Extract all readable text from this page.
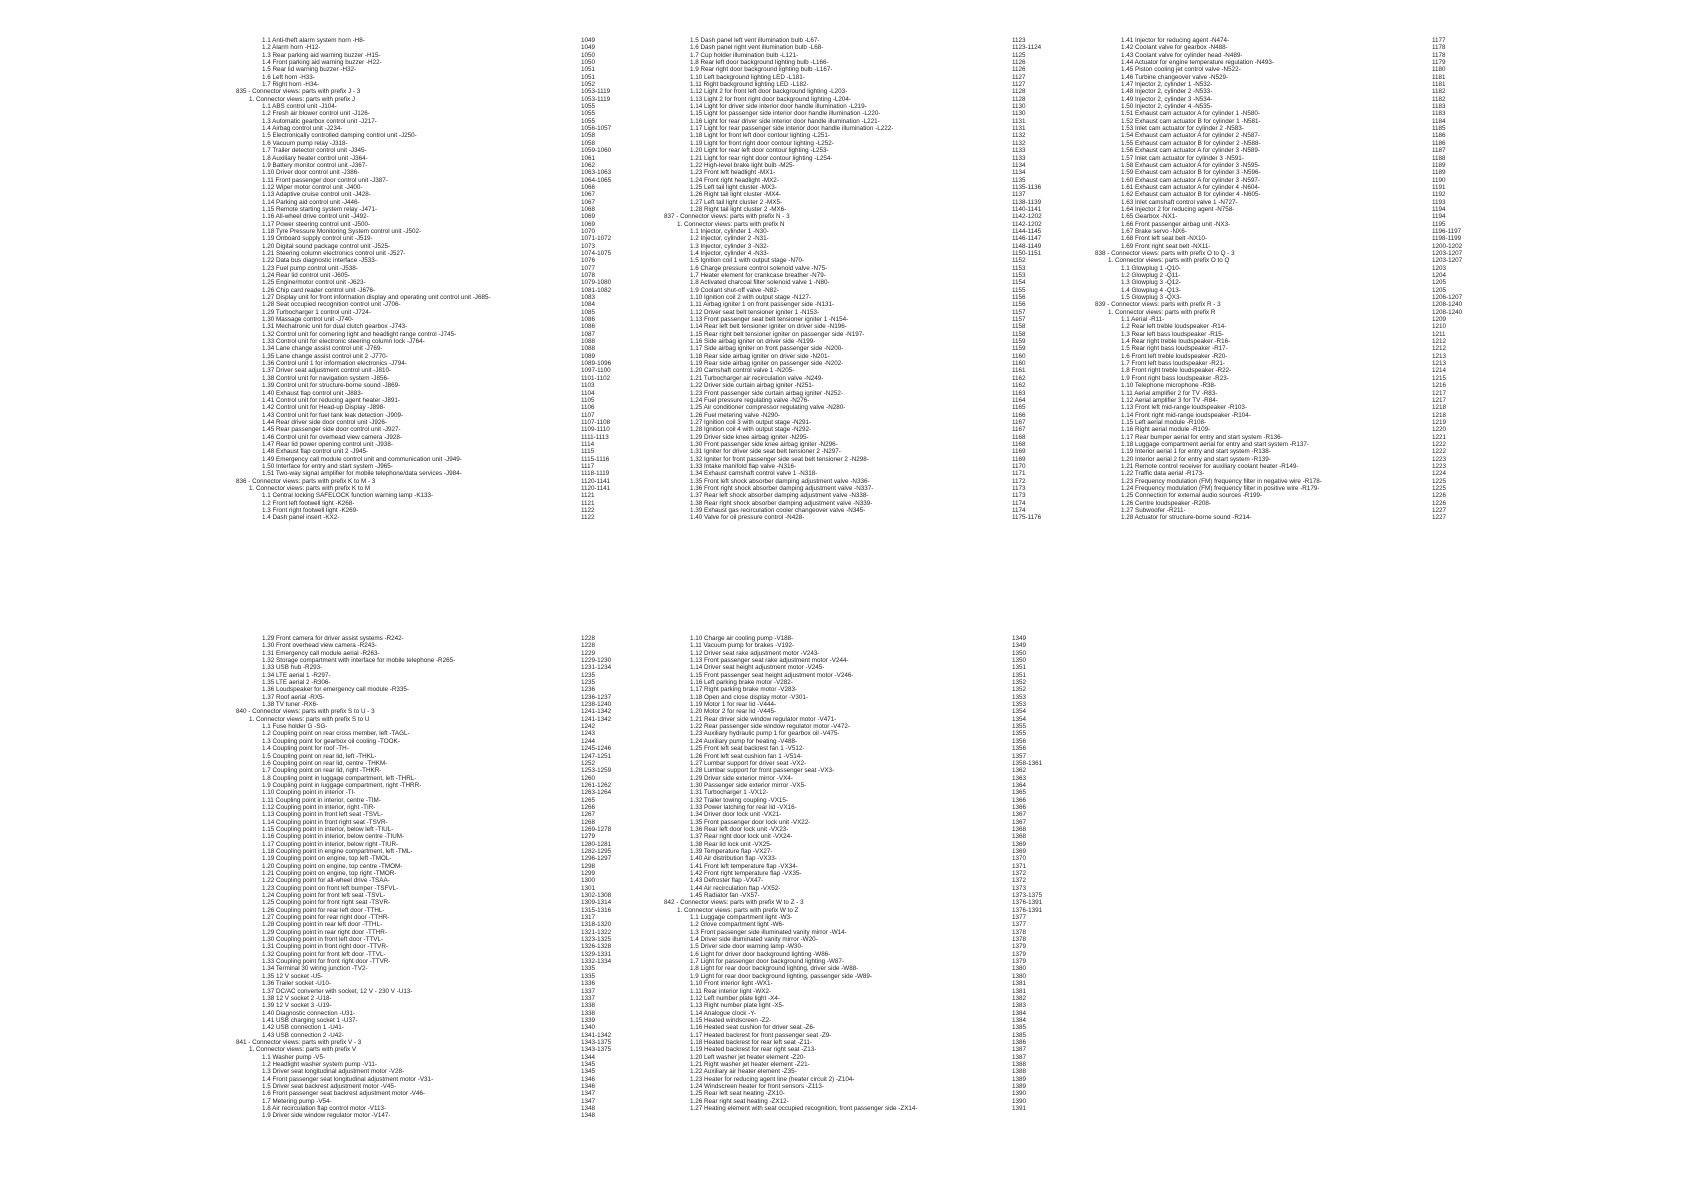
1.1 Anti-theft alarm system horn -H8-	1049
1.2 Alarm horn -H12-	1049
1.3 Rear parking aid warning buzzer -H15-	1050
1.4 Front parking aid warning buzzer -H22-	1050
1.5 Rear lid warning buzzer -H32-	1051
1.6 Left horn -H33-	1051
1.7 Right horn -H34-	1052
835 - Connector views: parts with prefix J - 3	1053-1119
1. Connector views: parts with prefix J	1053-1119
1.1 ABS control unit -J104-	1055
1.2 Fresh air blower control unit -J126-	1055
1.3 Automatic gearbox control unit -J217-	1055
1.4 Airbag control unit -J234-	1056-1057
1.5 Electronically controlled damping control unit -J250-	1058
1.6 Vacuum pump relay -J318-	1058
1.7 Trailer detector control unit -J345-	1059-1060
1.8 Auxiliary heater control unit -J364-	1061
1.9 Battery monitor control unit -J367-	1062
1.10 Driver door control unit -J386-	1063-1063
1.11 Front passenger door control unit -J387-	1064-1065
1.12 Wiper motor control unit -J400-	1066
1.13 Adaptive cruise control unit -J428-	1067
1.14 Parking aid control unit -J446-	1067
1.15 Remote starting system relay -J471-	1068
1.16 All-wheel drive control unit -J492-	1069
1.17 Power steering control unit -J500-	1069
1.18 Tyre Pressure Monitoring System control unit -J502-	1070
1.19 Onboard supply control unit -J519-	1071-1072
1.20 Digital sound package control unit -J525-	1073
1.21 Steering column electronics control unit -J527-	1074-1075
1.22 Data bus diagnostic interface -J533-	1076
1.23 Fuel pump control unit -J538-	1077
1.24 Rear lid control unit -J605-	1078
1.25 Engine/motor control unit -J623-	1079-1080
1.26 Chip card reader control unit -J676-	1081-1082
1.27 Display unit for front information display and operating unit control unit -J685-	1083
1.28 Seat occupied recognition control unit -J706-	1084
1.29 Turbocharger 1 control unit -J724-	1085
1.30 Massage control unit -J740-	1086
1.31 Mechatronic unit for dual clutch gearbox -J743-	1086
1.32 Control unit for cornering light and headlight range control -J745-	1087
1.33 Control unit for electronic steering column lock -J764-	1088
1.34 Lane change assist control unit -J769-	1088
1.35 Lane change assist control unit 2 -J770-	1089
1.36 Control unit 1 for information electronics -J794-	1089-1096
1.37 Driver seat adjustment control unit -J810-	1097-1100
1.38 Control unit for navigation system -J856-	1101-1102
1.39 Control unit for structure-borne sound -J869-	1103
1.40 Exhaust flap control unit -J883-	1104
1.41 Control unit for reducing agent heater -J891-	1105
1.42 Control unit for Head-up Display -J898-	1106
1.43 Control unit for fuel tank leak detection -J909-	1107
1.44 Rear driver side door control unit -J926-	1107-1108
1.45 Rear passenger side door control unit -J927-	1109-1110
1.46 Control unit for overhead view camera -J928-	1111-1113
1.47 Rear lid power opening control unit -J938-	1114
1.48 Exhaust flap control unit 2 -J945-	1115
1.49 Emergency call module control unit and communication unit -J949-	1115-1116
1.50 Interface for entry and start system -J965-	1117
1.51 Two-way signal amplifier for mobile telephone/data services -J984-	1118-1119
836 - Connector views: parts with prefix K to M - 3	1120-1141
1. Connector views: parts with prefix K to M	1120-1141
1.1 Central locking SAFELOCK function warning lamp -K133-	1121
1.2 Front left footwell light -K268-	1121
1.3 Front right footwell light -K269-	1122
1.4 Dash panel insert -KX2-	1122
1.5 Dash panel left vent illumination bulb -L67-	1123
1.6 Dash panel right vent illumination bulb -L68-	1123-1124
1.7 Cup holder illumination bulb -L121-	1125
1.8 Rear left door background lighting bulb -L166-	1126
1.9 Rear right door background lighting bulb -L167-	1126
1.10 Left background lighting LED -L181-	1127
1.11 Right background lighting LED -L182-	1127
1.12 Light 2 for front left door background lighting -L203-	1128
1.13 Light 2 for front right door background lighting -L204-	1128
1.14 Light for driver side interior door handle illumination -L219-	1130
1.15 Light for passenger side interior door handle illumination -L220-	1130
1.16 Light for rear driver side interior door handle illumination -L221-	1131
1.17 Light for rear passenger side interior door handle illumination -L222-	1131
1.18 Light for front left door contour lighting -L251-	1132
1.19 Light for front right door contour lighting -L252-	1132
1.20 Light for rear left door contour lighting -L253-	1133
1.21 Light for rear right door contour lighting -L254-	1133
1.22 High-level brake light bulb -M25-	1134
1.23 Front left headlight -MX1-	1134
1.24 Front right headlight -MX2-	1135
1.25 Left tail light cluster -MX3-	1135-1136
1.26 Right tail light cluster -MX4-	1137
1.27 Left tail light cluster 2 -MX5-	1138-1139
1.28 Right tail light cluster 2 -MX6-	1140-1141
837 - Connector views: parts with prefix N - 3	1142-1202
1. Connector views: parts with prefix N	1142-1202
1.1 Injector, cylinder 1 -N30-	1144-1145
1.2 Injector, cylinder 2 -N31-	1146-1147
1.3 Injector, cylinder 3 -N32-	1148-1149
1.4 Injector, cylinder 4 -N33-	1150-1151
1.5 Ignition coil 1 with output stage -N70-	1152
1.6 Charge pressure control solenoid valve -N75-	1153
1.7 Heater element for crankcase breather -N79-	1153
1.8 Activated charcoal filter solenoid valve 1 -N80-	1154
1.9 Coolant shut-off valve -N82-	1155
1.10 Ignition coil 2 with output stage -N127-	1156
1.11 Airbag igniter 1 on front passenger side -N131-	1156
1.12 Driver seat belt tensioner igniter 1 -N153-	1157
1.13 Front passenger seat belt tensioner igniter 1 -N154-	1157
1.14 Rear left belt tensioner igniter on driver side -N196-	1158
1.15 Rear right belt tensioner igniter on passenger side -N197-	1158
1.16 Side airbag igniter on driver side -N199-	1159
1.17 Side airbag igniter on front passenger side -N200-	1159
1.18 Rear side airbag igniter on driver side -N201-	1160
1.19 Rear side airbag igniter on passenger side -N202-	1160
1.20 Camshaft control valve 1 -N205-	1161
1.21 Turbocharger air recirculation valve -N249-	1162
1.22 Driver side curtain airbag igniter -N251-	1162
1.23 Front passenger side curtain airbag igniter -N252-	1163
1.24 Fuel pressure regulating valve -N276-	1164
1.25 Air conditioner compressor regulating valve -N280-	1165
1.26 Fuel metering valve -N290-	1166
1.27 Ignition coil 3 with output stage -N291-	1167
1.28 Ignition coil 4 with output stage -N292-	1167
1.29 Driver side knee airbag igniter -N295-	1168
1.30 Front passenger side knee airbag igniter -N296-	1168
1.31 Igniter for driver side seat belt tensioner 2 -N297-	1169
1.32 Igniter for front passenger side seat belt tensioner 2 -N298-	1169
1.33 Intake manifold flap valve -N316-	1170
1.34 Exhaust camshaft control valve 1 -N318-	1171
1.35 Front left shock absorber damping adjustment valve -N336-	1172
1.36 Front right shock absorber damping adjustment valve -N337-	1173
1.37 Rear left shock absorber damping adjustment valve -N338-	1173
1.38 Rear right shock absorber damping adjustment valve -N339-	1174
1.39 Exhaust gas recirculation cooler changeover valve -N345-	1174
1.40 Valve for oil pressure control -N428-	1175-1176
1.41 Injector for reducing agent -N474-	1177
1.42 Coolant valve for gearbox -N488-	1178
1.43 Coolant valve for cylinder head -N489-	1178
1.44 Actuator for engine temperature regulation -N493-	1179
1.45 Piston cooling jet control valve -N522-	1180
1.46 Turbine changeover valve -N529-	1181
1.47 Injector 2, cylinder 1 -N532-	1181
1.48 Injector 2, cylinder 2 -N533-	1182
1.49 Injector 2, cylinder 3 -N534-	1182
1.50 Injector 2, cylinder 4 -N535-	1183
1.51 Exhaust cam actuator A for cylinder 1 -N580-	1183
1.52 Exhaust cam actuator B for cylinder 1 -N581-	1184
1.53 Inlet cam actuator for cylinder 2 -N583-	1185
1.54 Exhaust cam actuator A for cylinder 2 -N587-	1186
1.55 Exhaust cam actuator B for cylinder 2 -N588-	1186
1.56 Exhaust cam actuator A for cylinder 3 -N589-	1187
1.57 Inlet cam actuator for cylinder 3 -N591-	1188
1.58 Exhaust cam actuator A for cylinder 3 -N595-	1189
1.59 Exhaust cam actuator B for cylinder 3 -N596-	1189
1.60 Exhaust cam actuator A for cylinder 3 -N597-	1190
1.61 Exhaust cam actuator A for cylinder 4 -N604-	1191
1.62 Exhaust cam actuator B for cylinder 4 -N605-	1192
1.63 Inlet camshaft control valve 1 -N727-	1193
1.64 Injector 2 for reducing agent -N758-	1194
1.65 Gearbox -NX1-	1194
1.66 Front passenger airbag unit -NX3-	1195
1.67 Brake servo -NX6-	1196-1197
1.68 Front left seat belt -NX10-	1198-1199
1.69 Front right seat belt -NX11-	1200-1202
838 - Connector views: parts with prefix O to Q - 3	1203-1207
1. Connector views: parts with prefix O to Q	1203-1207
1.1 Glowplug 1 -Q10-	1203
1.2 Glowplug 2 -Q11-	1204
1.3 Glowplug 3 -Q12-	1205
1.4 Glowplug 4 -Q13-	1205
1.5 Glowplug 3 -QX3-	1206-1207
839 - Connector views: parts with prefix R - 3	1208-1240
1. Connector views: parts with prefix R	1208-1240
1.1 Aerial -R11-	1209
1.2 Rear left treble loudspeaker -R14-	1210
1.3 Rear left bass loudspeaker -R15-	1211
1.4 Rear right treble loudspeaker -R16-	1212
1.5 Rear right bass loudspeaker -R17-	1212
1.6 Front left treble loudspeaker -R20-	1213
1.7 Front left bass loudspeaker -R21-	1213
1.8 Front right treble loudspeaker -R22-	1214
1.9 Front right bass loudspeaker -R23-	1215
1.10 Telephone microphone -R38-	1216
1.11 Aerial amplifier 2 for TV -R83-	1217
1.12 Aerial amplifier 3 for TV -R84-	1217
1.13 Front left mid-range loudspeaker -R103-	1218
1.14 Front right mid-range loudspeaker -R104-	1218
1.15 Left aerial module -R108-	1219
1.16 Right aerial module -R109-	1220
1.17 Rear bumper aerial for entry and start system -R136-	1221
1.18 Luggage compartment aerial for entry and start system -R137-	1222
1.19 Interior aerial 1 for entry and start system -R138-	1222
1.20 Interior aerial 2 for entry and start system -R139-	1223
1.21 Remote control receiver for auxiliary coolant heater -R149-	1223
1.22 Traffic data aerial -R173-	1224
1.23 Frequency modulation (FM) frequency filter in negative wire -R178-	1225
1.24 Frequency modulation (FM) frequency filter in positive wire -R179-	1225
1.25 Connection for external audio sources -R199-	1226
1.26 Centre loudspeaker -R208-	1226
1.27 Subwoofer -R211-	1227
1.28 Actuator for structure-borne sound -R214-	1227
1.29 Front camera for driver assist systems -R242-	1228
1.30 Front overhead view camera -R243-	1228
1.31 Emergency call module aerial -R263-	1229
1.32 Storage compartment with interface for mobile telephone -R265-	1229-1230
1.33 USB hub -R293-	1231-1234
1.34 LTE aerial 1 -R297-	1235
1.35 LTE aerial 2 -R306-	1235
1.36 Loudspeaker for emergency call module -R335-	1236
1.37 Roof aerial -RX5-	1236-1237
1.38 TV tuner -RX6-	1238-1240
840 - Connector views: parts with prefix S to U - 3	1241-1342
1. Connector views: parts with prefix S to U	1241-1342
1.1 Fuse holder G -SG-	1242
1.2 Coupling point on rear cross member, left -TAGL-	1243
1.3 Coupling point for gearbox oil cooling -TOOK-	1244
1.4 Coupling point for roof -TH-	1245-1246
1.5 Coupling point on rear lid, left -THKL-	1247-1251
1.6 Coupling point on rear lid, centre -THKM-	1252
1.7 Coupling point on rear lid, right -THKR-	1253-1259
1.8 Coupling point in luggage compartment, left -THRL-	1260
1.9 Coupling point in luggage compartment, right -THRR-	1261-1262
1.10 Coupling point in interior -TI-	1263-1264
1.11 Coupling point in interior, centre -TIM-	1265
1.12 Coupling point in interior, right -TIR-	1266
1.13 Coupling point in front left seat -TSVL-	1267
1.14 Coupling point in front right seat -TSVR-	1268
1.15 Coupling point in interior, below left -TIUL-	1269-1278
1.16 Coupling point in interior, below centre -TIUM-	1279
1.17 Coupling point in interior, below right -TIUR-	1280-1281
1.18 Coupling point in engine compartment, left -TML-	1282-1295
1.19 Coupling point on engine, top left -TMOL-	1296-1297
1.20 Coupling point on engine, top centre -TMOM-	1298
1.21 Coupling point on engine, top right -TMOR-	1299
1.22 Coupling point for all-wheel drive -TSAA-	1300
1.23 Coupling point on front left bumper -TSFVL-	1301
1.24 Coupling point for front left seat -TSVL-	1302-1308
1.25 Coupling point for front right seat -TSVR-	1309-1314
1.26 Coupling point for rear left door -TTHL-	1315-1316
1.27 Coupling point for rear right door -TTHR-	1317
1.28 Coupling point in rear left door -TTHL-	1318-1320
1.29 Coupling point in rear right door -TTHR-	1321-1322
1.30 Coupling point in front left door -TTVL-	1323-1325
1.31 Coupling point in front right door -TTVR-	1326-1328
1.32 Coupling point for front left door -TTVL-	1329-1331
1.33 Coupling point for front right door -TTVR-	1332-1334
1.34 Terminal 30 wiring junction -TV2-	1335
1.35 12 V socket -U5-	1335
1.36 Trailer socket -U10-	1336
1.37 DC/AC converter with socket, 12 V - 230 V -U13-	1337
1.38 12 V socket 2 -U18-	1337
1.39 12 V socket 3 -U19-	1338
1.40 Diagnostic connection -U31-	1338
1.41 USB charging socket 1 -U37-	1339
1.42 USB connection 1 -U41-	1340
1.43 USB connection 2 -U42-	1341-1342
841 - Connector views: parts with prefix V - 3	1343-1375
1. Connector views: parts with prefix V	1343-1375
1.1 Washer pump -V5-	1344
1.2 Headlight washer system pump -V11-	1345
1.3 Driver seat longitudinal adjustment motor -V28-	1345
1.4 Front passenger seat longitudinal adjustment motor -V31-	1346
1.5 Driver seat backrest adjustment motor -V45-	1346
1.6 Front passenger seat backrest adjustment motor -V46-	1347
1.7 Metering pump -V54-	1347
1.8 Air recirculation flap control motor -V113-	1348
1.9 Driver side window regulator motor -V147-	1348
1.10 Charge air cooling pump -V188-	1349
1.11 Vacuum pump for brakes -V192-	1349
1.12 Driver seat rake adjustment motor -V243-	1350
1.13 Front passenger seat rake adjustment motor -V244-	1350
1.14 Driver seat height adjustment motor -V245-	1351
1.15 Front passenger seat height adjustment motor -V246-	1351
1.16 Left parking brake motor -V282-	1352
1.17 Right parking brake motor -V283-	1352
1.18 Open and close display motor -V301-	1353
1.19 Motor 1 for rear lid -V444-	1353
1.20 Motor 2 for rear lid -V445-	1354
1.21 Rear driver side window regulator motor -V471-	1354
1.22 Rear passenger side window regulator motor -V472-	1355
1.23 Auxiliary hydraulic pump 1 for gearbox oil -V475-	1355
1.24 Auxiliary pump for heating -V488-	1356
1.25 Front left seat backrest fan 1 -V512-	1356
1.26 Front left seat cushion fan 1 -V514-	1357
1.27 Lumbar support for driver seat -VX2-	1358-1361
1.28 Lumbar support for front passenger seat -VX3-	1362
1.29 Driver side exterior mirror -VX4-	1363
1.30 Passenger side exterior mirror -VX5-	1364
1.31 Turbocharger 1 -VX12-	1365
1.32 Trailer towing coupling -VX15-	1366
1.33 Power latching for rear lid -VX16-	1366
1.34 Driver door lock unit -VX21-	1367
1.35 Front passenger door lock unit -VX22-	1367
1.36 Rear left door lock unit -VX23-	1368
1.37 Rear right door lock unit -VX24-	1368
1.38 Rear lid lock unit -VX25-	1369
1.39 Temperature flap -VX27-	1369
1.40 Air distribution flap -VX33-	1370
1.41 Front left temperature flap -VX34-	1371
1.42 Front right temperature flap -VX35-	1372
1.43 Defroster flap -VX47-	1372
1.44 Air recirculation flap -VX52-	1373
1.45 Radiator fan -VX57-	1373-1375
842 - Connector views: parts with prefix W to Z - 3	1376-1391
1. Connector views: parts with prefix W to Z	1376-1391
1.1 Luggage compartment light -W3-	1377
1.2 Glove compartment light -W6-	1377
1.3 Front passenger side illuminated vanity mirror -W14-	1378
1.4 Driver side illuminated vanity mirror -W20-	1378
1.5 Driver side door warning lamp -W30-	1379
1.6 Light for driver door background lighting -W86-	1379
1.7 Light for passenger door background lighting -W87-	1379
1.8 Light for rear door background lighting, driver side -W88-	1380
1.9 Light for rear door background lighting, passenger side -W89-	1380
1.10 Front interior light -WX1-	1381
1.11 Rear interior light -WX2-	1381
1.12 Left number plate light -X4-	1382
1.13 Right number plate light -X5-	1383
1.14 Analogue clock -Y-	1384
1.15 Heated windscreen -Z2-	1384
1.16 Heated seat cushion for driver seat -Z6-	1385
1.17 Heated backrest for front passenger seat -Z9-	1385
1.18 Heated backrest for rear left seat -Z11-	1386
1.19 Heated backrest for rear right seat -Z13-	1387
1.20 Left washer jet heater element -Z20-	1387
1.21 Right washer jet heater element -Z21-	1388
1.22 Auxiliary air heater element -Z35-	1388
1.23 Heater for reducing agent line (heater circuit 2) -Z104-	1389
1.24 Windscreen heater for front sensors -Z113-	1389
1.25 Rear left seat heating -ZX10-	1390
1.26 Rear right seat heating -ZX12-	1390
1.27 Heating element with seat occupied recognition, front passenger side -ZX14-	1391
